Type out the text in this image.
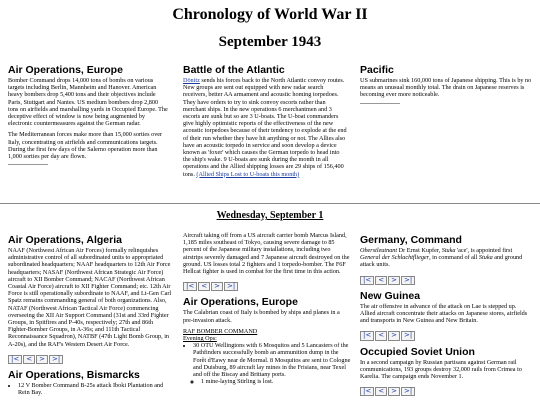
Chronology of World War II
September 1943
Air Operations, Europe

Bomber Command drops 14,000 tons of bombs on various targets including Berlin, Mannheim and Hanover. American heavy bombers drop 5,400 tons and their objectives include Paris, Stuttgart and Nantes. US medium bombers drop 2,800 tons on airfields and marshalling yards in Occupied Europe. The deceptive effect of window is now being augmented by electronic countermeasures against the German radar.

The Mediterranean forces make more than 15,000 sorties over Italy, concentrating on airfields and communications targets. During the first few days of the Salerno operation more than 1,000 sorties per day are flown.

Battle of the Atlantic

Dönitz sends his forces back to the North Atlantic convoy routes. New groups are sent out equipped with new radar search receivers, better AA armament and acoustic homing torpedoes. They have orders to try to sink convoy escorts rather than merchant ships. In the new operations 6 merchantmen and 3 escorts are sunk but so are 3 U-boats. The U-boat commanders give highly optimistic reports of the effectiveness of the new acoustic torpedoes because of their tendency to explode at the end of their run whether they have hit anything or not. The Allies also have an acoustic torpedo in service and soon develop a device known as 'foxer' which causes the German torpedo to head into the ship's wake. 9 U-boats are sunk during the month in all operations and the Allied shipping losses are 29 ships of 156,400 tons. (Allied Ships Lost to U-boats this month)

Pacific

US submarines sink 160,000 tons of Japanese shipping. This is by no means an unusual monthly total. The drain on Japanese reserves is becoming ever more noticeable.

Wednesday, September 1
Air Operations, Algeria

NAAF (Northwest African Air Forces) formally relinquishes administrative control of all subordinated units to appropriated subordinated headquarters; NAAF headquarters to 12th Air Force headquarters; NASAF (Northwest African Strategic Air Force) aircraft to XII Bomber Command; NACAF (Northwest African Coastal Air Force) aircraft to XII Fighter Command; etc. 12th Air Force is still operationally subordinate to NAAF, and Lt-Gen Carl Spatz remains commanding general of both organizations. Also, NATAF (Northwest African Tactical Air Force) commencing overseeing the XII Air Support Command (31st and 33rd Fighter Groups, in Spitfires and P-40s, respectively; 27th and 86th Fighter-Bomber Groups, in A-36s; and 111th Tactical Reconnaissance Squadron), NATBF (47th Light Bomb Group, in A-20s), and the RAF's Western Desert Air Force.

|< < > >|
Air Operations, Bismarcks
• 12 V Bomber Command B-25s attack Iboki Plantation and Rein Bay.

Aircraft taking off from a US aircraft carrier bomb Marcus Island, 1,185 miles southeast of Tokyo, causing severe damage to 85 percent of the Japanese military installations, including two airstrips severely damaged and 7 Japanese aircraft destroyed on the ground. US losses total 2 fighters and 1 torpedo-bomber. The F6F Hellcat fighter is used in combat for the first time in this action.

|< < > >|
Air Operations, Europe

The Calabrian coast of Italy is bombed by ships and planes in a pre-invasion attack.

RAF BOMBER COMMAND

Evening Ops:

• 30 OTU Wellingtons with 6 Mosquitos and 5 Lancasters of the Pathfinders successfully bomb an ammunition dump in the Forêt d'Eawy near de Mormal. 8 Mosquitos are sent to Cologne and Duisburg, 89 aircraft lay mines in the Frisians, near Texel and off the Biscay and Brittany ports.
◦ 1 mine-laying Stirling is lost.
Germany, Command

Oberstleutnant Dr Ernst Kupfer, Stuka 'ace', is appointed first General der Schlachtflieger, in command of all Stuka and ground attack units.

|< < > >|
New Guinea

The air offensive in advance of the attack on Lae is stepped up. Allied aircraft concentrate their attacks on Japanese stores, airfields and transports in New Guinea and New Britain.

|< < > >|
Occupied Soviet Union

In a second campaign by Russian partisans against German rail communications, 193 groups destroy 32,000 rails from Crimea to Karelia. The campaign ends November 1.

|< < > >|
